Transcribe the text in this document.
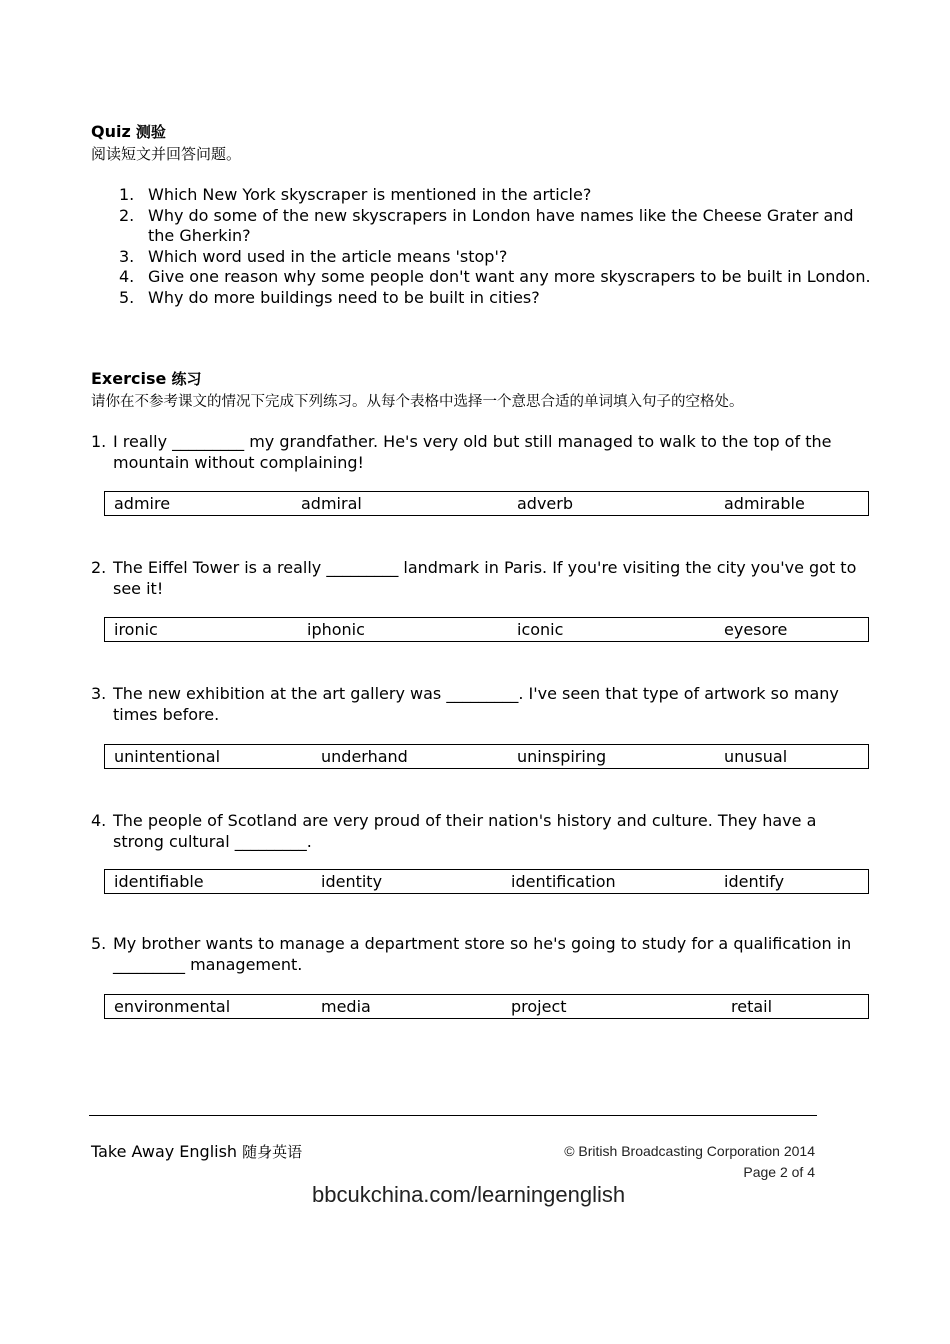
Quiz 测验
阅读短文并回答问题。
1. Which New York skyscraper is mentioned in the article?
2. Why do some of the new skyscrapers in London have names like the Cheese Grater and the Gherkin?
3. Which word used in the article means 'stop'?
4. Give one reason why some people don't want any more skyscrapers to be built in London.
5. Why do more buildings need to be built in cities?
Exercise 练习
请你在不参考课文的情况下完成下列练习。从每个表格中选择一个意思合适的单词填入句子的空格处。
1. I really _________ my grandfather. He's very old but still managed to walk to the top of the mountain without complaining!
admire	admiral	adverb	admirable
2. The Eiffel Tower is a really _________ landmark in Paris. If you're visiting the city you've got to see it!
ironic	iphonic	iconic	eyesore
3. The new exhibition at the art gallery was _________. I've seen that type of artwork so many times before.
unintentional	underhand	uninspiring	unusual
4. The people of Scotland are very proud of their nation's history and culture. They have a strong cultural _________.
identifiable	identity	identification	identify
5. My brother wants to manage a department store so he's going to study for a qualification in _________ management.
environmental	media	project	retail
Take Away English 随身英语	© British Broadcasting Corporation 2014
Page 2 of 4
bbcukchina.com/learningenglish
